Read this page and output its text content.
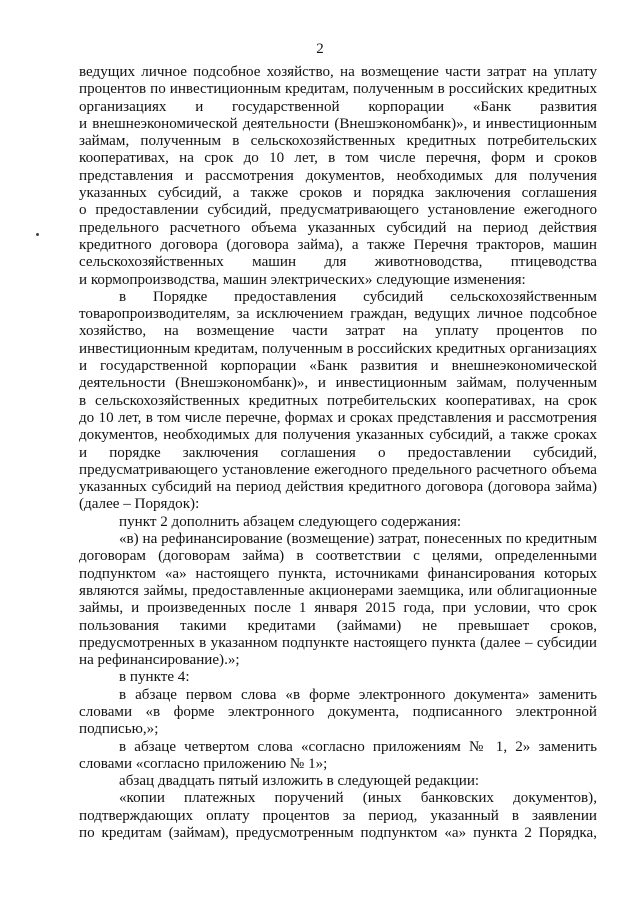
2

ведущих личное подсобное хозяйство, на возмещение части затрат на уплату
процентов по инвестиционным кредитам, полученным в российских кредитных
организациях и государственной корпорации «Банк развития
и внешнеэкономической деятельности (Внешэкономбанк)», и инвестиционным
займам, полученным в сельскохозяйственных кредитных потребительских
кооперативах, на срок до 10 лет, в том числе перечня, форм и сроков
представления и рассмотрения документов, необходимых для получения
указанных субсидий, а также сроков и порядка заключения соглашения
о предоставлении субсидий, предусматривающего установление ежегодного
предельного расчетного объема указанных субсидий на период действия
кредитного договора (договора займа), а также Перечня тракторов, машин
сельскохозяйственных машин для животноводства, птицеводства
и кормопроизводства, машин электрических» следующие изменения:

в Порядке предоставления субсидий сельскохозяйственным
товаропроизводителям, за исключением граждан, ведущих личное подсобное
хозяйство, на возмещение части затрат на уплату процентов по
инвестиционным кредитам, полученным в российских кредитных организациях
и государственной корпорации «Банк развития и внешнеэкономической
деятельности (Внешэкономбанк)», и инвестиционным займам, полученным
в сельскохозяйственных кредитных потребительских кооперативах, на срок
до 10 лет, в том числе перечне, формах и сроках представления и рассмотрения
документов, необходимых для получения указанных субсидий, а также сроках
и порядке заключения соглашения о предоставлении субсидий,
предусматривающего установление ежегодного предельного расчетного объема
указанных субсидий на период действия кредитного договора (договора займа)
(далее – Порядок):

пункт 2 дополнить абзацем следующего содержания:

«в) на рефинансирование (возмещение) затрат, понесенных по кредитным
договорам (договорам займа) в соответствии с целями, определенными
подпунктом «а» настоящего пункта, источниками финансирования которых
являются займы, предоставленные акционерами заемщика, или облигационные
займы, и произведенных после 1 января 2015 года, при условии, что срок
пользования такими кредитами (займами) не превышает сроков,
предусмотренных в указанном подпункте настоящего пункта (далее – субсидии
на рефинансирование).»;

в пункте 4:

в абзаце первом слова «в форме электронного документа» заменить
словами «в форме электронного документа, подписанного электронной
подписью,»;

в абзаце четвертом слова «согласно приложениям № 1, 2» заменить
словами «согласно приложению № 1»;

абзац двадцать пятый изложить в следующей редакции:

«копии платежных поручений (иных банковских документов),
подтверждающих оплату процентов за период, указанный в заявлении
по кредитам (займам), предусмотренным подпунктом «а» пункта 2 Порядка,
